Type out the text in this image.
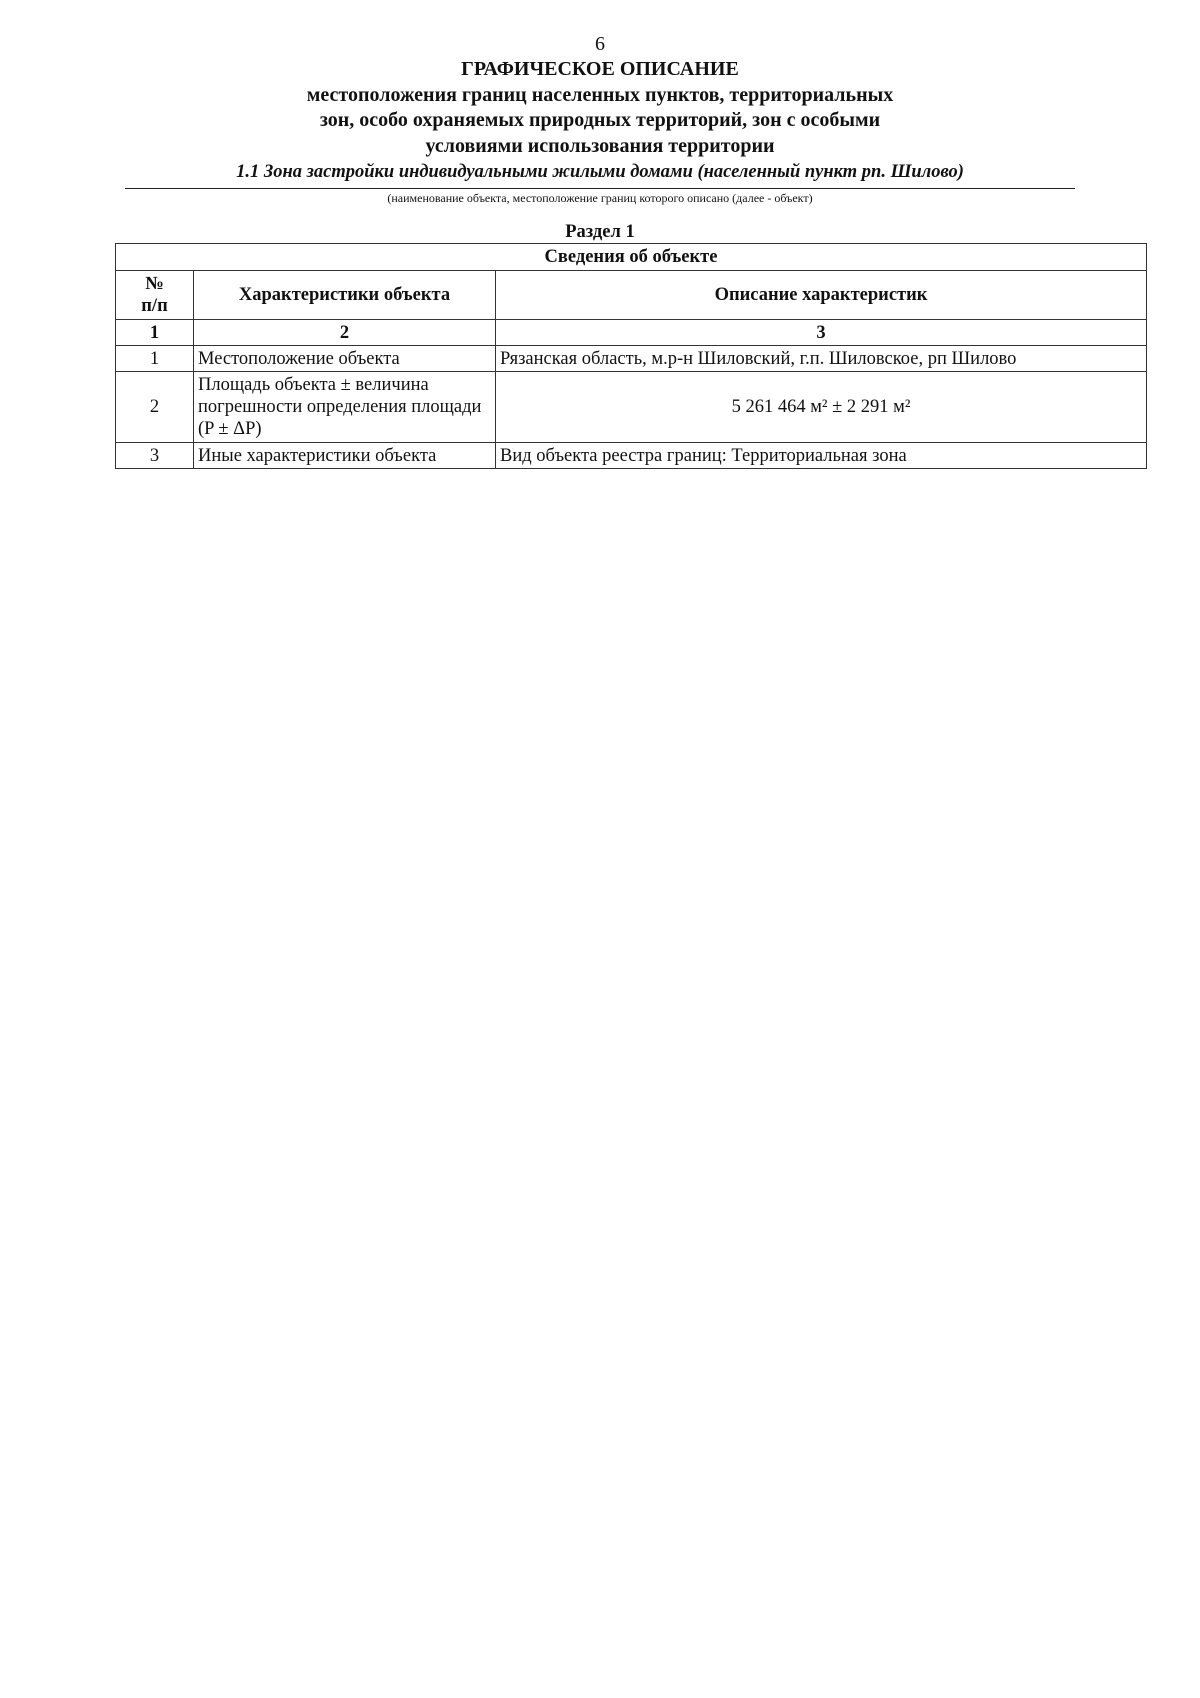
6
ГРАФИЧЕСКОЕ ОПИСАНИЕ
местоположения границ населенных пунктов, территориальных
зон, особо охраняемых природных территорий, зон с особыми
условиями использования территории
1.1 Зона застройки индивидуальными жилыми домами (населенный пункт рп. Шилово)
(наименование объекта, местоположение границ которого описано (далее - объект)
Раздел 1
Сведения об объекте		

№
п/п	Характеристики объекта	Описание характеристик
1	2	3
1	Местоположение объекта	Рязанская область, м.р-н Шиловский, г.п. Шиловское, рп Шилово
2	Площадь объекта ± величина
погрешности определения площади
(P ± ΔP)	5 261 464 м² ± 2 291 м²
3	Иные характеристики объекта	Вид объекта реестра границ: Территориальная зона
